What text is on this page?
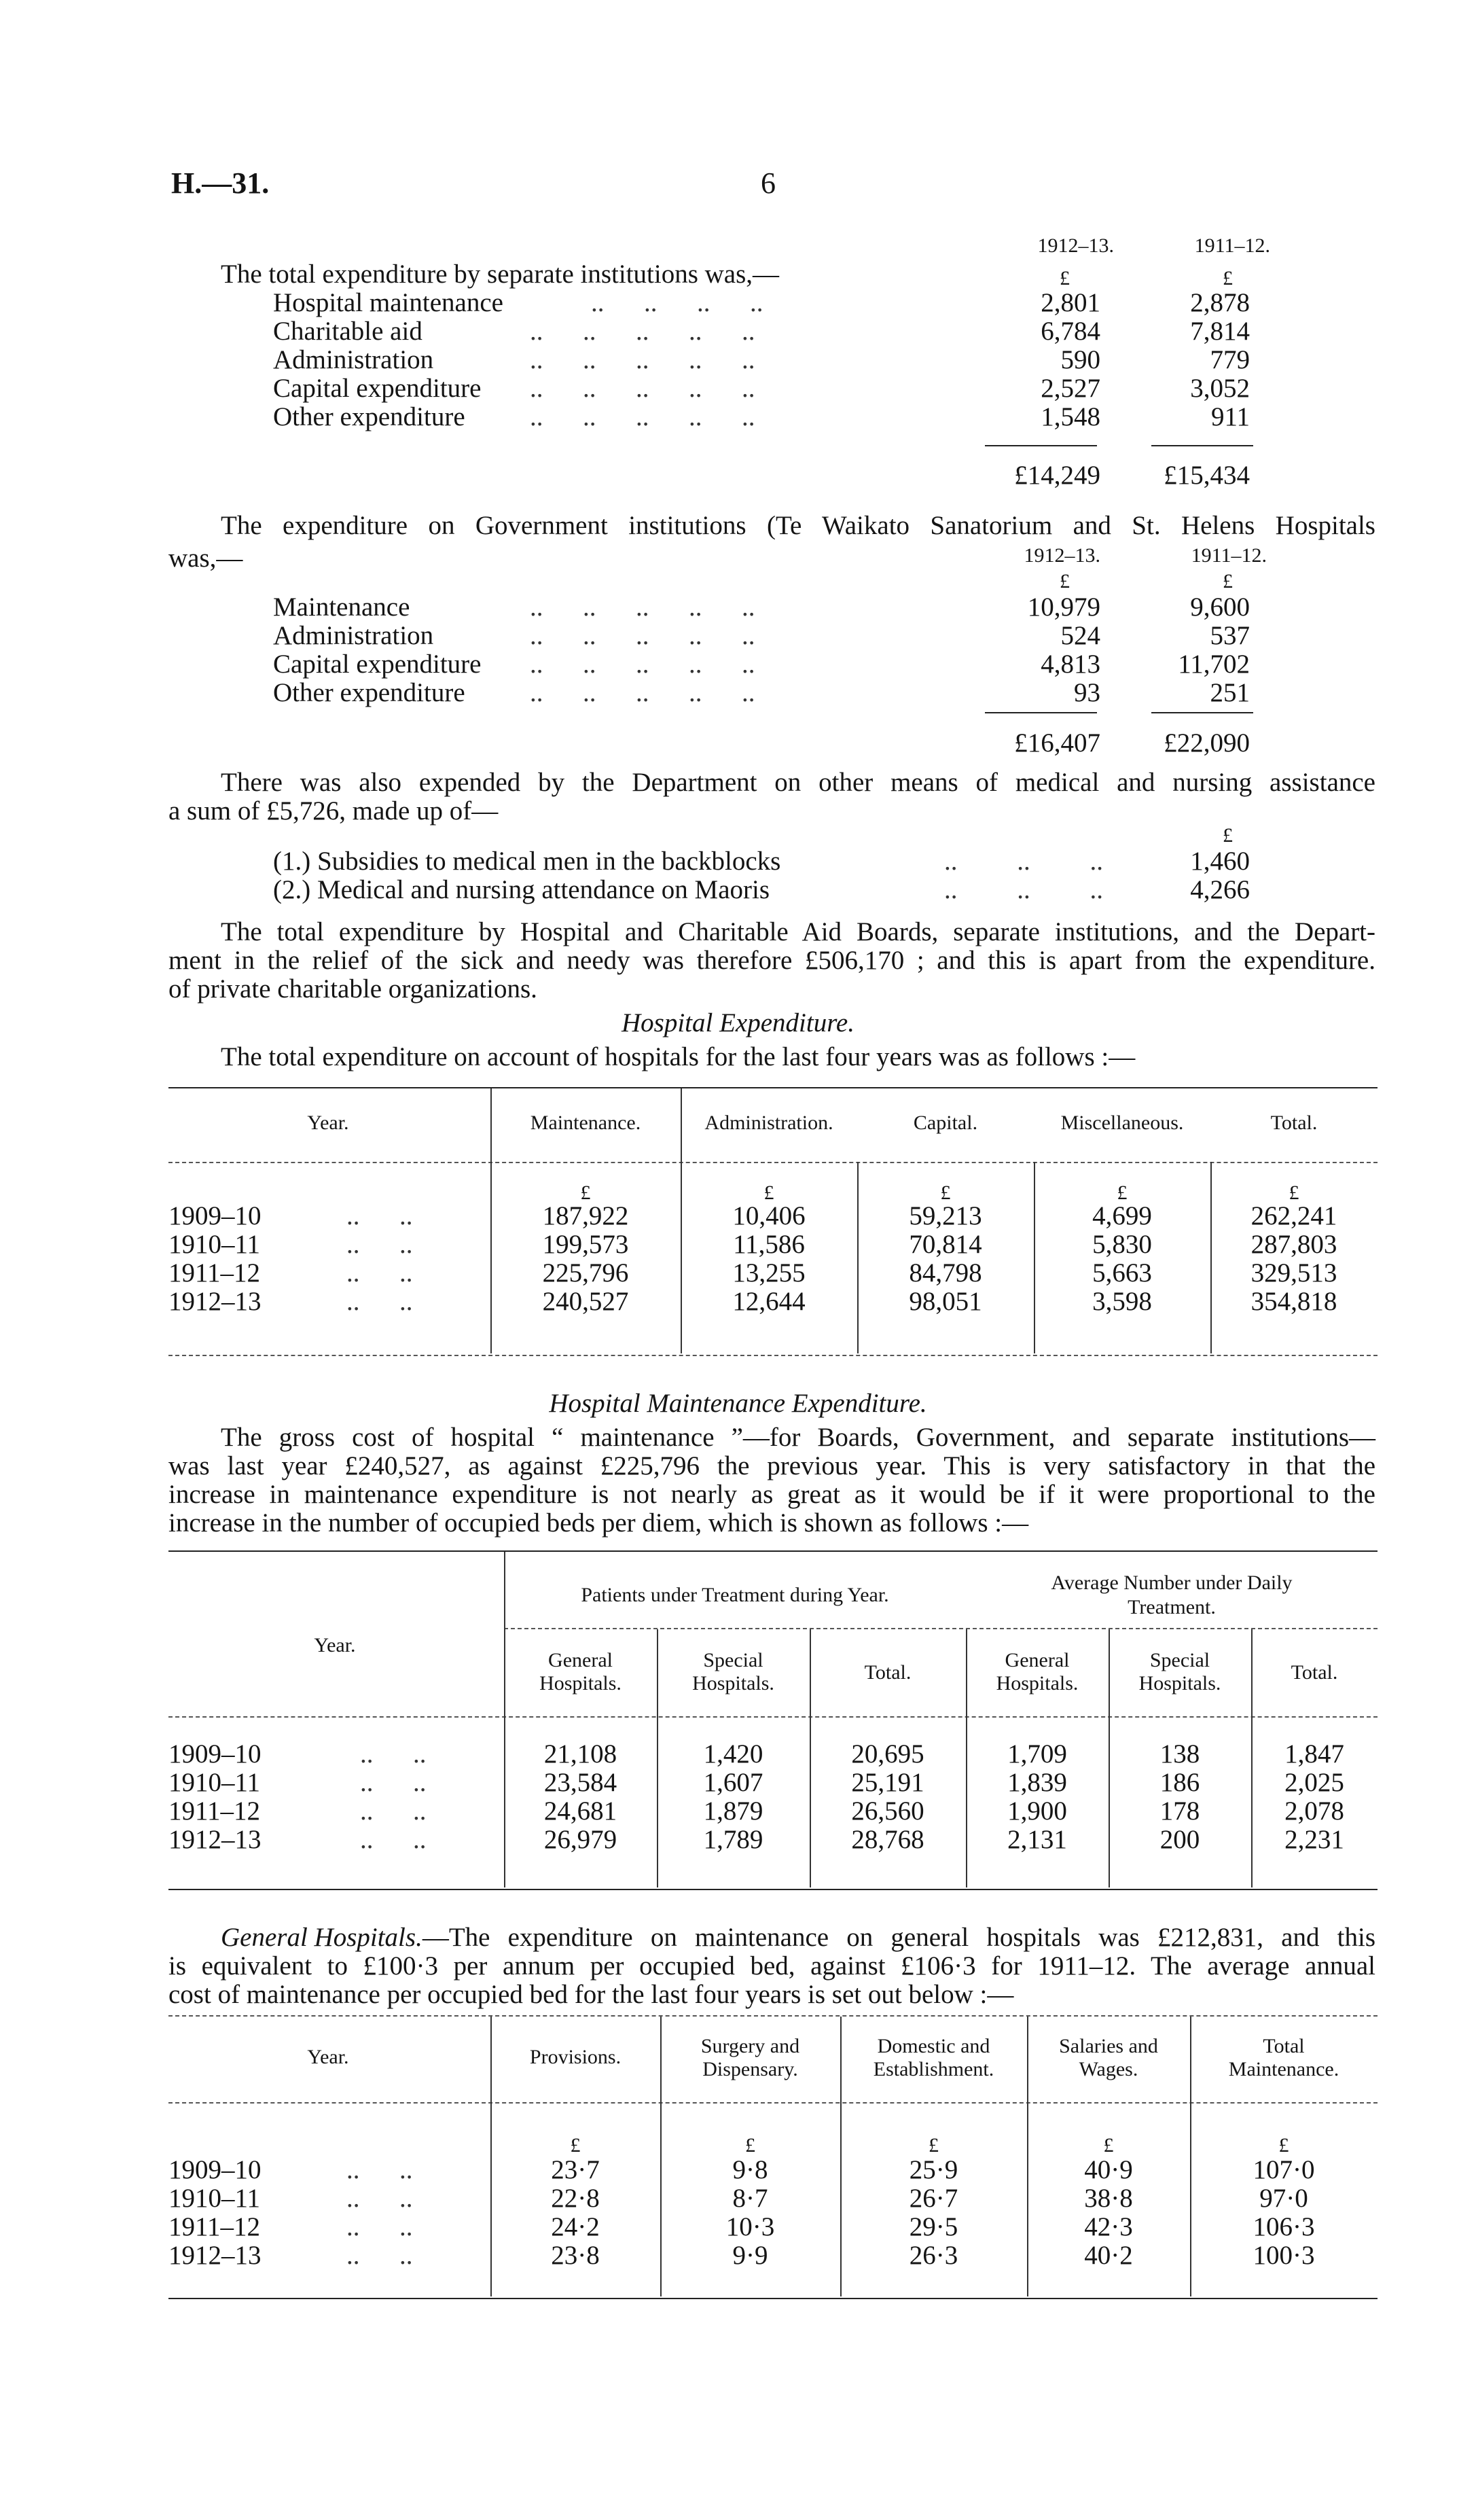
H.—31.	6
1912–13.	1911–12.
The total expenditure by separate institutions was,—	£	£
Hospital maintenance	..      ..      ..      ..	2,801	2,878
Charitable aid	..      ..      ..      ..      ..	6,784	7,814
Administration	..      ..      ..      ..      ..	590	779
Capital expenditure ..      ..      ..      ..      ..	2,527	3,052
Other expenditure ..      ..      ..      ..      ..	1,548	911
£14,249	£15,434
The expenditure on Government institutions (Te Waikato Sanatorium and St. Helens Hospitals
was,—	1912–13.	1911–12.
£	£
Maintenance	..      ..      ..      ..      ..	10,979	9,600
Administration	..      ..      ..      ..      ..	524	537
Capital expenditure ..      ..      ..      ..      ..	4,813	11,702
Other expenditure ..      ..      ..      ..      ..	93	251
£16,407	£22,090
There was also expended by the Department on other means of medical and nursing assistance
a sum of £5,726, made up of—
£
(1.) Subsidies to medical men in the backblocks	..         ..         ..	1,460
(2.) Medical and nursing attendance on Maoris	..         ..         ..	4,266
The total expenditure by Hospital and Charitable Aid Boards, separate institutions, and the Depart-
ment in the relief of the sick and needy was therefore £506,170 ; and this is apart from the expenditure.
of private charitable organizations.
Hospital Expenditure.
The total expenditure on account of hospitals for the last four years was as follows :—
Year.	Maintenance.	Administration.	Capital.	Miscellaneous.	Total.
£	£	£	£	£
1909–10	..      ..	187,922	10,406	59,213	4,699	262,241
1910–11	..      ..	199,573	11,586	70,814	5,830	287,803
1911–12	..      ..	225,796	13,255	84,798	5,663	329,513
1912–13	..      ..	240,527	12,644	98,051	3,598	354,818
Hospital Maintenance Expenditure.
The gross cost of hospital “ maintenance ”—for Boards, Government, and separate institutions—
was last year £240,527, as against £225,796 the previous year. This is very satisfactory in that the
increase in maintenance expenditure is not nearly as great as it would be if it were proportional to the
increase in the number of occupied beds per diem, which is shown as follows :—
Year.
Patients under Treatment during Year.
Average Number under Daily
Treatment.
General
Hospitals.
Special
Hospitals.	Total.
General
Hospitals.
Special
Hospitals.	Total.
1909–10	..      ..	21,108	1,420	20,695	1,709	138	1,847
1910–11	..      ..	23,584	1,607	25,191	1,839	186	2,025
1911–12	..      ..	24,681	1,879	26,560	1,900	178	2,078
1912–13	..      ..	26,979	1,789	28,768	2,131	200	2,231
General Hospitals. —The expenditure on maintenance on general hospitals was £212,831, and this
is equivalent to £100·3 per annum per occupied bed, against £106·3 for 1911–12. The average annual
cost of maintenance per occupied bed for the last four years is set out below :—
Year.	Provisions.	Surgery and
Dispensary.
Domestic and
Establishment.
Salaries and
Wages.
Total
Maintenance.
£	£	£	£	£
1909–10	..      ..	23·7	9·8	25·9	40·9	107·0
1910–11	..      ..	22·8	8·7	26·7	38·8	97·0
1911–12	..      ..	24·2	10·3	29·5	42·3	106·3
1912–13	..      ..	23·8	9·9	26·3	40·2	100·3
